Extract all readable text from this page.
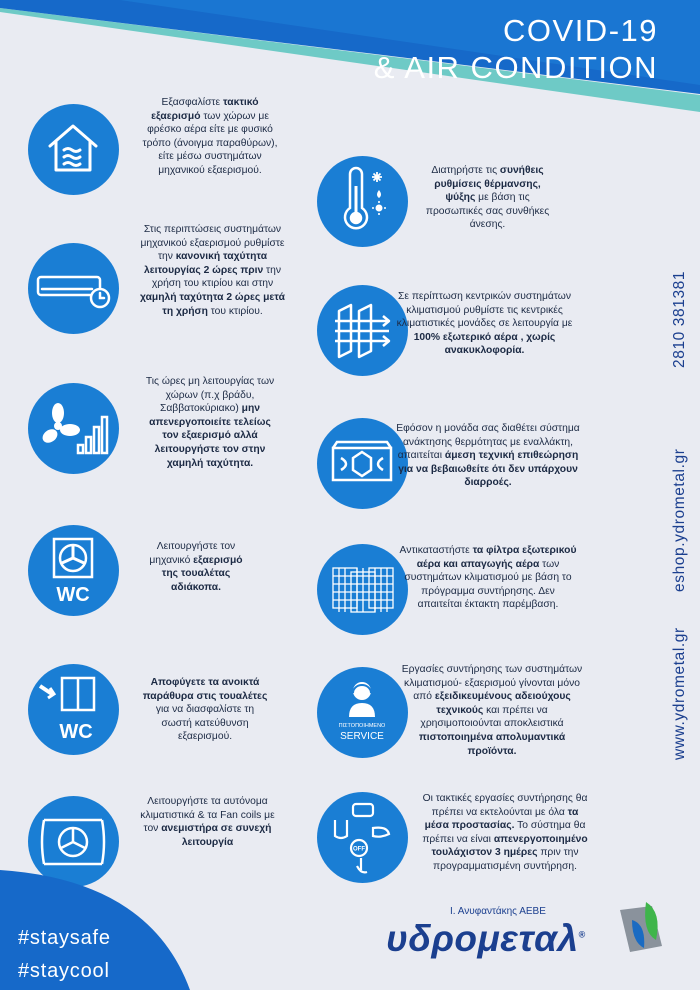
COVID-19
& AIR CONDITION
Εξασφαλίστε τακτικό εξαερισμό των χώρων με φρέσκο αέρα είτε με φυσικό τρόπο (άνοιγμα παραθύρων), είτε μέσω συστημάτων μηχανικού εξαερισμού.
Στις περιπτώσεις συστημάτων μηχανικού εξαερισμού ρυθμίστε την κανονική ταχύτητα λειτουργίας 2 ώρες πριν την χρήση του κτιρίου και στην χαμηλή ταχύτητα 2 ώρες μετά τη χρήση του κτιρίου.
Τις ώρες μη λειτουργίας των χώρων (π.χ βράδυ, Σαββατοκύριακο) μην απενεργοποιείτε τελείως τον εξαερισμό αλλά λειτουργήστε τον στην χαμηλή ταχύτητα.
WC
Λειτουργήστε τον μηχανικό εξαερισμό της τουαλέτας αδιάκοπα.
WC
Αποφύγετε τα ανοικτά παράθυρα στις τουαλέτες για να διασφαλίστε τη σωστή κατεύθυνση εξαερισμού.
Λειτουργήστε τα αυτόνομα κλιματιστικά & τα Fan coils με τον ανεμιστήρα σε συνεχή λειτουργία
Διατηρήστε τις συνήθεις ρυθμίσεις θέρμανσης, ψύξης με βάση τις προσωπικές σας συνθήκες άνεσης.
Σε περίπτωση κεντρικών συστημάτων κλιματισμού ρυθμίστε τις κεντρικές κλιματιστικές μονάδες σε λειτουργία με 100% εξωτερικό αέρα , χωρίς ανακυκλοφορία.
Εφόσον η μονάδα σας διαθέτει σύστημα ανάκτησης θερμότητας με εναλλάκτη, απαιτείται άμεση τεχνική επιθεώρηση για να βεβαιωθείτε ότι δεν υπάρχουν διαρροές.
Αντικαταστήστε τα φίλτρα εξωτερικού αέρα και απαγωγής αέρα των συστημάτων κλιματισμού με βάση το πρόγραμμα συντήρησης. Δεν απαιτείται έκτακτη παρέμβαση.
ΠΙΣΤΟΠΟΙΗΜΕΝΟ
SERVICE
Εργασίες συντήρησης των συστημάτων κλιματισμού- εξαερισμού γίνονται μόνο από εξειδικευμένους αδειούχους τεχνικούς και πρέπει να χρησιμοποιούνται αποκλειστικά πιστοποιημένα απολυμαντικά προϊόντα.
OFF
Οι τακτικές εργασίες συντήρησης θα πρέπει να εκτελούνται με όλα τα μέσα προστασίας. Το σύστημα θα πρέπει να είναι απενεργοποιημένο τουλάχιστον 3 ημέρες πριν την προγραμματισμένη συντήρηση.
2810 381381
eshop.ydrometal.gr
www.ydrometal.gr
#staysafe
#staycool
Ι. Ανυφαντάκης ΑΕΒΕ
υδρομεταλ®
